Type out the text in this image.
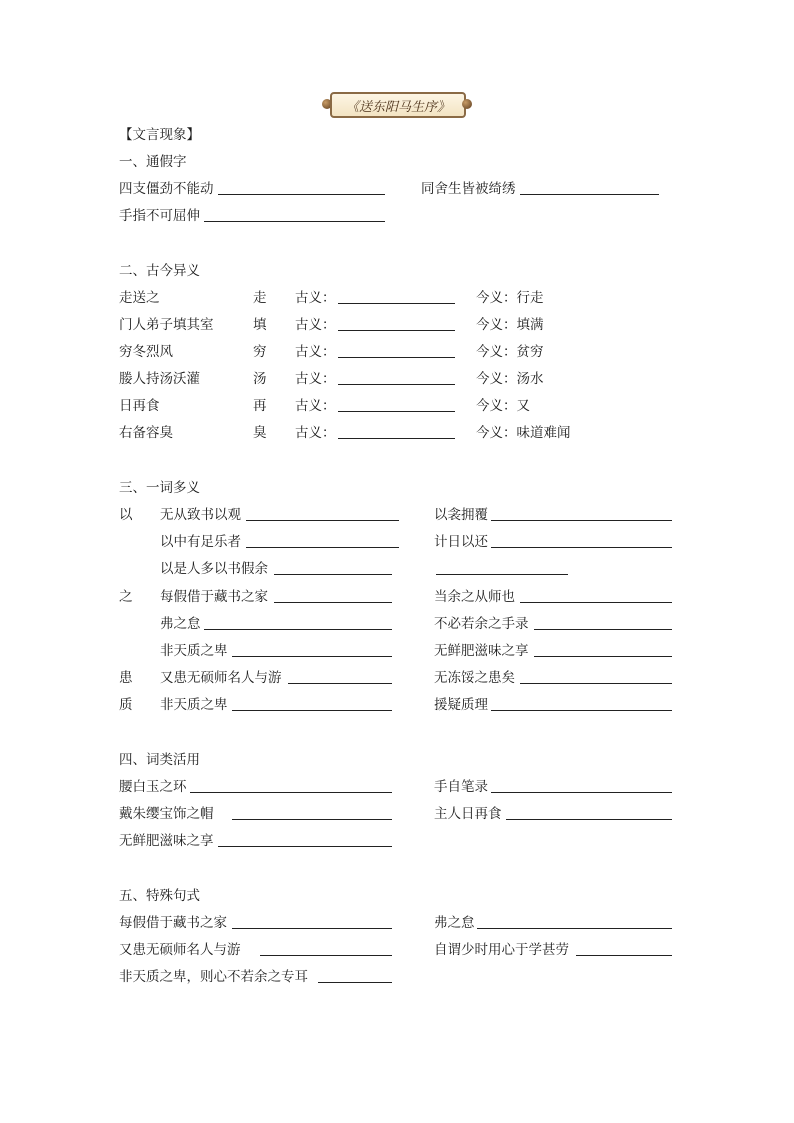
《送东阳马生序》
【文言现象】
一、通假字
四支僵劲不能动	同舍生皆被绮绣
手指不可屈伸
二、古今异义
走送之	走 古义：	今义：行走
门人弟子填其室	填 古义：	今义：填满
穷冬烈风	穷 古义：	今义：贫穷
媵人持汤沃灌	汤 古义：	今义：汤水
日再食	再 古义：	今义：又
右备容臭	臭 古义：	今义：味道难闻
三、一词多义
以 无从致书以观	以衾拥覆
以中有足乐者	计日以还
以是人多以书假余
之 每假借于藏书之家	当余之从师也
弗之怠	不必若余之手录
非天质之卑	无鲜肥滋味之享
患 又患无硕师名人与游	无冻馁之患矣
质 非天质之卑	援疑质理
四、词类活用
腰白玉之环	手自笔录
戴朱缨宝饰之帽	主人日再食
无鲜肥滋味之享
五、特殊句式
每假借于藏书之家	弗之怠
又患无硕师名人与游	自谓少时用心于学甚劳
非天质之卑，则心不若余之专耳
